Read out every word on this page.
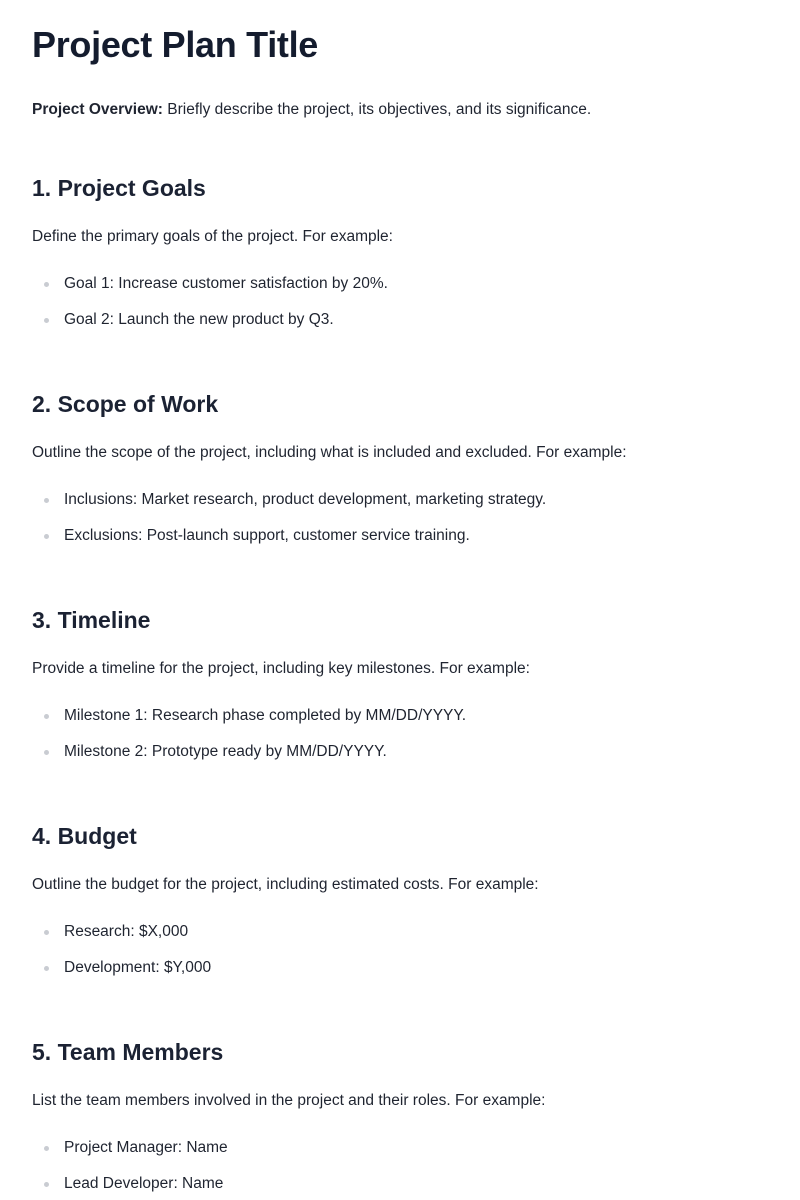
Project Plan Title

Project Overview: Briefly describe the project, its objectives, and its significance.

1. Project Goals

Define the primary goals of the project. For example:

Goal 1: Increase customer satisfaction by 20%.
Goal 2: Launch the new product by Q3.
2. Scope of Work

Outline the scope of the project, including what is included and excluded. For example:

Inclusions: Market research, product development, marketing strategy.
Exclusions: Post-launch support, customer service training.
3. Timeline

Provide a timeline for the project, including key milestones. For example:

Milestone 1: Research phase completed by MM/DD/YYYY.
Milestone 2: Prototype ready by MM/DD/YYYY.
4. Budget

Outline the budget for the project, including estimated costs. For example:

Research: $X,000
Development: $Y,000
5. Team Members

List the team members involved in the project and their roles. For example:

Project Manager: Name
Lead Developer: Name
